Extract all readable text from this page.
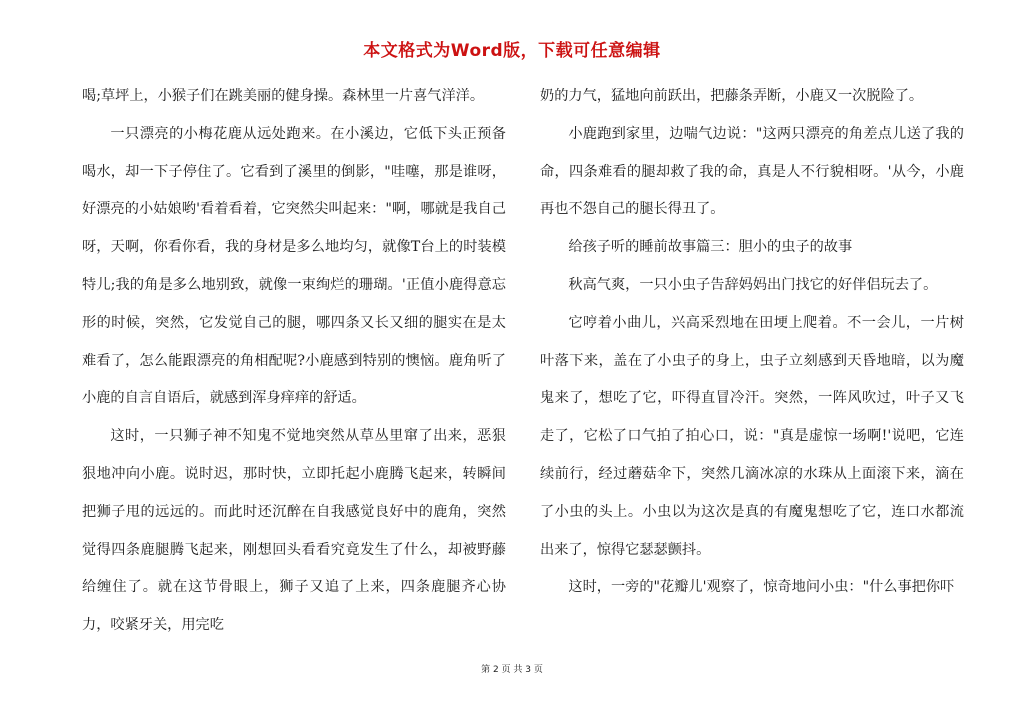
本文格式为Word版，下载可任意编辑

喝;草坪上，小猴子们在跳美丽的健身操。森林里一片喜气洋洋。

一只漂亮的小梅花鹿从远处跑来。在小溪边，它低下头正预备喝水，却一下子停住了。它看到了溪里的倒影，"哇噻，那是谁呀，好漂亮的小姑娘哟'看着看着，它突然尖叫起来："啊，哪就是我自己呀，天啊，你看你看，我的身材是多么地均匀，就像T台上的时装模特儿;我的角是多么地别致，就像一束绚烂的珊瑚。'正值小鹿得意忘形的时候，突然，它发觉自己的腿，哪四条又长又细的腿实在是太难看了，怎么能跟漂亮的角相配呢?小鹿感到特别的懊恼。鹿角听了小鹿的自言自语后，就感到浑身痒痒的舒适。

这时，一只狮子神不知鬼不觉地突然从草丛里窜了出来，恶狠狠地冲向小鹿。说时迟，那时快，立即托起小鹿腾飞起来，转瞬间把狮子甩的远远的。而此时还沉醉在自我感觉良好中的鹿角，突然觉得四条鹿腿腾飞起来，刚想回头看看究竟发生了什么，却被野藤给缠住了。就在这节骨眼上，狮子又追了上来，四条鹿腿齐心协力，咬紧牙关，用完吃

奶的力气，猛地向前跃出，把藤条弄断，小鹿又一次脱险了。

小鹿跑到家里，边喘气边说："这两只漂亮的角差点儿送了我的命，四条难看的腿却救了我的命，真是人不行貌相呀。'从今，小鹿再也不怨自己的腿长得丑了。

给孩子听的睡前故事篇三：胆小的虫子的故事

秋高气爽，一只小虫子告辞妈妈出门找它的好伴侣玩去了。

它哼着小曲儿，兴高采烈地在田埂上爬着。不一会儿，一片树叶落下来，盖在了小虫子的身上，虫子立刻感到天昏地暗，以为魔鬼来了，想吃了它，吓得直冒冷汗。突然，一阵风吹过，叶子又飞走了，它松了口气拍了拍心口，说："真是虚惊一场啊!'说吧，它连续前行，经过蘑菇伞下，突然几滴冰凉的水珠从上面滚下来，滴在了小虫的头上。小虫以为这次是真的有魔鬼想吃了它，连口水都流出来了，惊得它瑟瑟颤抖。

这时，一旁的"花瓣儿'观察了，惊奇地问小虫："什么事把你吓

第 2 页 共 3 页
